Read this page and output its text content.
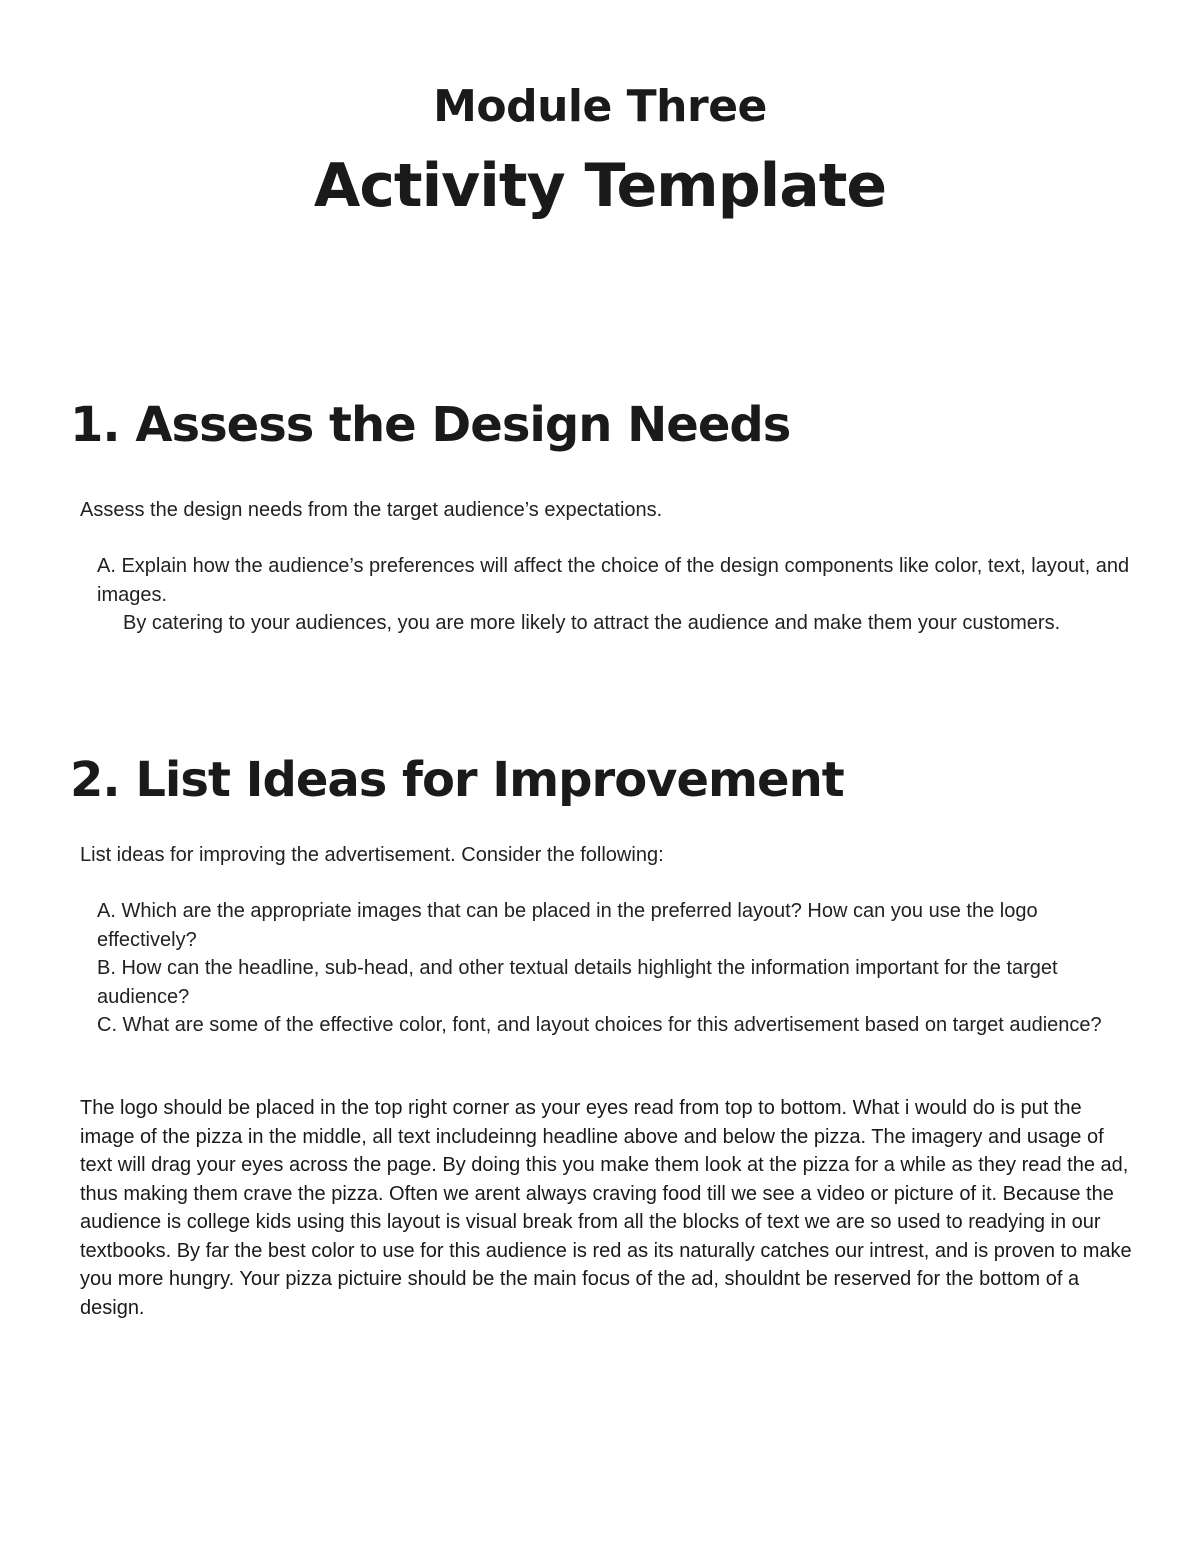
Module Three
Activity Template
1. Assess the Design Needs

Assess the design needs from the target audience’s expectations.

A. Explain how the audience’s preferences will affect the choice of the design components like color, text, layout, and images.

By catering to your audiences, you are more likely to attract the audience and make them your customers.

2. List Ideas for Improvement

List ideas for improving the advertisement. Consider the following:

A. Which are the appropriate images that can be placed in the preferred layout? How can you use the logo effectively?
B. How can the headline, sub-head, and other textual details highlight the information important for the target audience?
C. What are some of the effective color, font, and layout choices for this advertisement based on target audience?

The logo should be placed in the top right corner as your eyes read from top to bottom. What i would do is put the image of the pizza in the middle, all text includeinng headline above and below the pizza. The imagery and usage of text will drag your eyes across the page. By doing this you make them look at the pizza for a while as they read the ad, thus making them crave the pizza. Often we arent always craving food till we see a video or picture of it. Because the audience is college kids using this layout is visual break from all the blocks of text we are so used to readying in our textbooks. By far the best color to use for this audience is red as its naturally catches our intrest, and is proven to make you more hungry. Your pizza pictuire should be the main focus of the ad, shouldnt be reserved for the bottom of a design.
